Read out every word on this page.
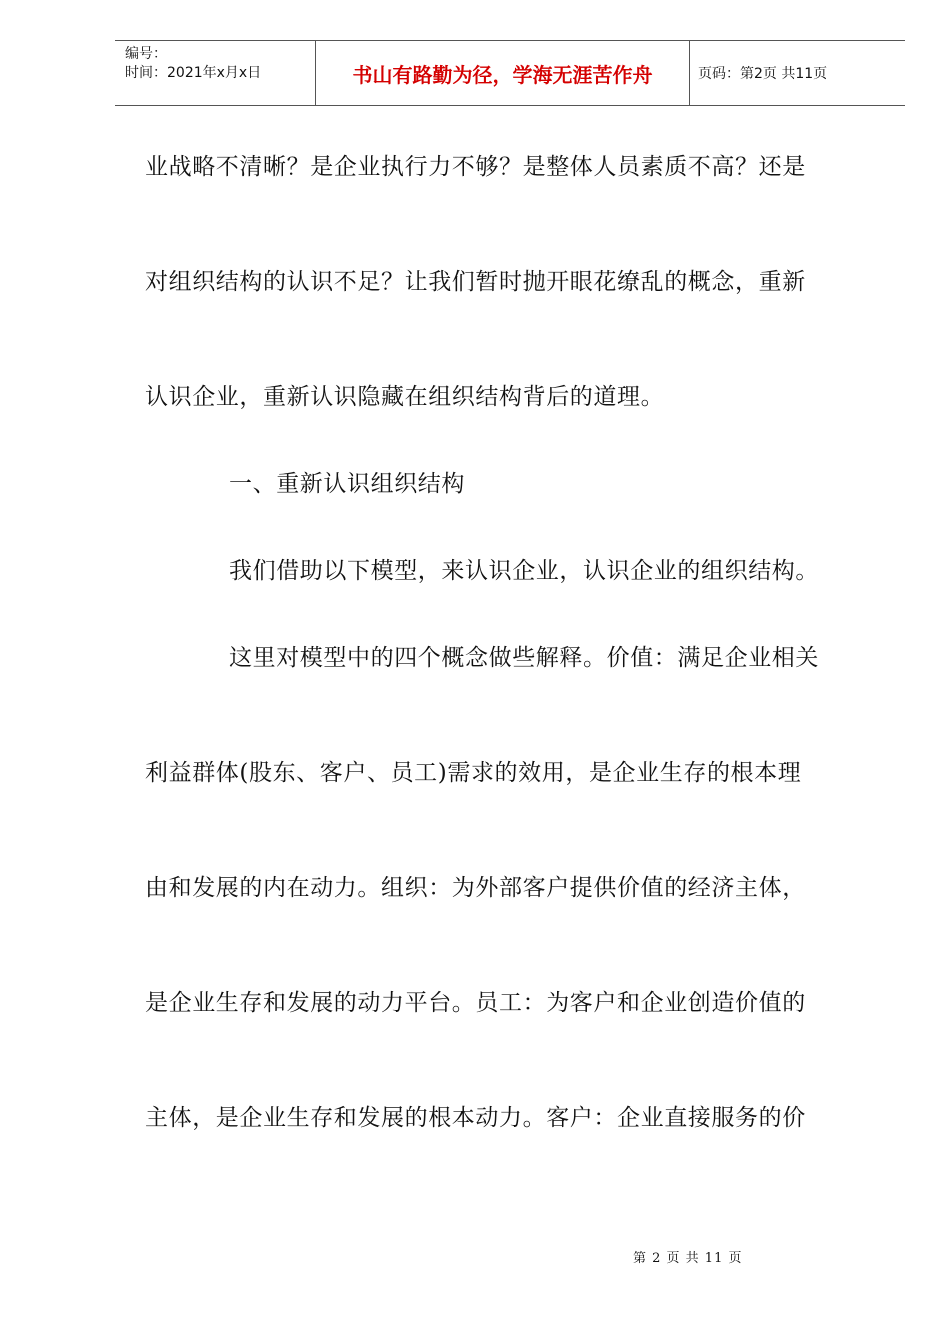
编号：
时间：2021年x月x日	书山有路勤为径，学海无涯苦作舟	页码：第2页 共11页
业战略不清晰？是企业执行力不够？是整体人员素质不高？还是
对组织结构的认识不足？让我们暂时抛开眼花缭乱的概念，重新
认识企业，重新认识隐藏在组织结构背后的道理。
一、重新认识组织结构
我们借助以下模型，来认识企业，认识企业的组织结构。
这里对模型中的四个概念做些解释。价值：满足企业相关
利益群体(股东、客户、员工)需求的效用，是企业生存的根本理
由和发展的内在动力。组织：为外部客户提供价值的经济主体，
是企业生存和发展的动力平台。员工：为客户和企业创造价值的
主体，是企业生存和发展的根本动力。客户：企业直接服务的价
第 2 页 共 11 页
